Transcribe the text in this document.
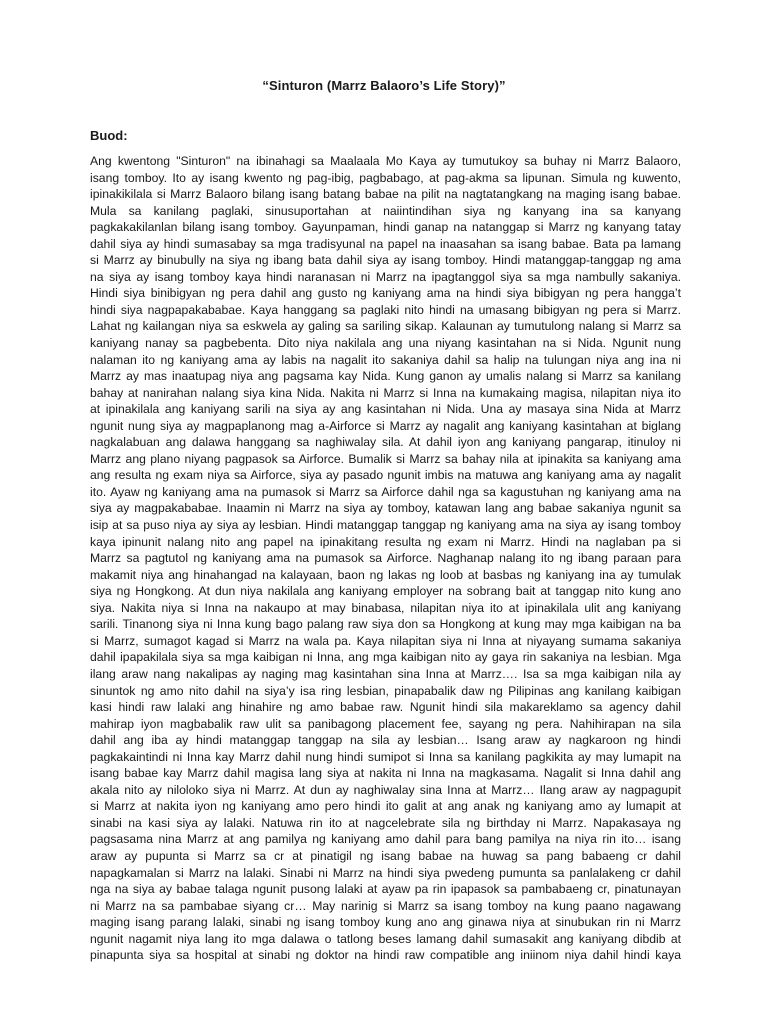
“Sinturon (Marrz Balaoro’s Life Story)”
Buod:
Ang kwentong "Sinturon" na ibinahagi sa Maalaala Mo Kaya ay tumutukoy sa buhay ni Marrz Balaoro,
isang tomboy. Ito ay isang kwento ng pag-ibig, pagbabago, at pag-akma sa lipunan. Simula ng kuwento,
ipinakikilala si Marrz Balaoro bilang isang batang babae na pilit na nagtatangkang na maging isang babae.
Mula sa kanilang paglaki, sinusuportahan at naiintindihan siya ng kanyang ina sa kanyang
pagkakakilanlan bilang isang tomboy. Gayunpaman, hindi ganap na natanggap si Marrz ng kanyang tatay
dahil siya ay hindi sumasabay sa mga tradisyunal na papel na inaasahan sa isang babae. Bata pa lamang
si Marrz ay binubully na siya ng ibang bata dahil siya ay isang tomboy. Hindi matanggap-tanggap ng ama
na siya ay isang tomboy kaya hindi naranasan ni Marrz na ipagtanggol siya sa mga nambully sakaniya.
Hindi siya binibigyan ng pera dahil ang gusto ng kaniyang ama na hindi siya bibigyan ng pera hangga’t
hindi siya nagpapakababae. Kaya hanggang sa paglaki nito hindi na umasang bibigyan ng pera si Marrz.
Lahat ng kailangan niya sa eskwela ay galing sa sariling sikap. Kalaunan ay tumutulong nalang si Marrz sa
kaniyang nanay sa pagbebenta. Dito niya nakilala ang una niyang kasintahan na si Nida. Ngunit nung
nalaman ito ng kaniyang ama ay labis na nagalit ito sakaniya dahil sa halip na tulungan niya ang ina ni
Marrz ay mas inaatupag niya ang pagsama kay Nida. Kung ganon ay umalis nalang si Marrz sa kanilang
bahay at nanirahan nalang siya kina Nida. Nakita ni Marrz si Inna na kumakaing magisa, nilapitan niya ito
at ipinakilala ang kaniyang sarili na siya ay ang kasintahan ni Nida. Una ay masaya sina Nida at Marrz
ngunit nung siya ay magpaplanong mag a-Airforce si Marrz ay nagalit ang kaniyang kasintahan at biglang
nagkalabuan ang dalawa hanggang sa naghiwalay sila. At dahil iyon ang kaniyang pangarap, itinuloy ni
Marrz ang plano niyang pagpasok sa Airforce. Bumalik si Marrz sa bahay nila at ipinakita sa kaniyang ama
ang resulta ng exam niya sa Airforce, siya ay pasado ngunit imbis na matuwa ang kaniyang ama ay nagalit
ito. Ayaw ng kaniyang ama na pumasok si Marrz sa Airforce dahil nga sa kagustuhan ng kaniyang ama na
siya ay magpakababae. Inaamin ni Marrz na siya ay tomboy, katawan lang ang babae sakaniya ngunit sa
isip at sa puso niya ay siya ay lesbian. Hindi matanggap tanggap ng kaniyang ama na siya ay isang tomboy
kaya ipinunit nalang nito ang papel na ipinakitang resulta ng exam ni Marrz. Hindi na naglaban pa si
Marrz sa pagtutol ng kaniyang ama na pumasok sa Airforce. Naghanap nalang ito ng ibang paraan para
makamit niya ang hinahangad na kalayaan, baon ng lakas ng loob at basbas ng kaniyang ina ay tumulak
siya ng Hongkong. At dun niya nakilala ang kaniyang employer na sobrang bait at tanggap nito kung ano
siya. Nakita niya si Inna na nakaupo at may binabasa, nilapitan niya ito at ipinakilala ulit ang kaniyang
sarili. Tinanong siya ni Inna kung bago palang raw siya don sa Hongkong at kung may mga kaibigan na ba
si Marrz, sumagot kagad si Marrz na wala pa. Kaya nilapitan siya ni Inna at niyayang sumama sakaniya
dahil ipapakilala siya sa mga kaibigan ni Inna, ang mga kaibigan nito ay gaya rin sakaniya na lesbian. Mga
ilang araw nang nakalipas ay naging mag kasintahan sina Inna at Marrz…. Isa sa mga kaibigan nila ay
sinuntok ng amo nito dahil na siya’y isa ring lesbian, pinapabalik daw ng Pilipinas ang kanilang kaibigan
kasi hindi raw lalaki ang hinahire ng amo babae raw. Ngunit hindi sila makareklamo sa agency dahil
mahirap iyon magbabalik raw ulit sa panibagong placement fee, sayang ng pera. Nahihirapan na sila
dahil ang iba ay hindi matanggap tanggap na sila ay lesbian… Isang araw ay nagkaroon ng hindi
pagkakaintindi ni Inna kay Marrz dahil nung hindi sumipot si Inna sa kanilang pagkikita ay may lumapit na
isang babae kay Marrz dahil magisa lang siya at nakita ni Inna na magkasama. Nagalit si Inna dahil ang
akala nito ay niloloko siya ni Marrz. At dun ay naghiwalay sina Inna at Marrz… Ilang araw ay nagpagupit
si Marrz at nakita iyon ng kaniyang amo pero hindi ito galit at ang anak ng kaniyang amo ay lumapit at
sinabi na kasi siya ay lalaki. Natuwa rin ito at nagcelebrate sila ng birthday ni Marrz. Napakasaya ng
pagsasama nina Marrz at ang pamilya ng kaniyang amo dahil para bang pamilya na niya rin ito… isang
araw ay pupunta si Marrz sa cr at pinatigil ng isang babae na huwag sa pang babaeng cr dahil
napagkamalan si Marrz na lalaki. Sinabi ni Marrz na hindi siya pwedeng pumunta sa panlalakeng cr dahil
nga na siya ay babae talaga ngunit pusong lalaki at ayaw pa rin ipapasok sa pambabaeng cr, pinatunayan
ni Marrz na sa pambabae siyang cr… May narinig si Marrz sa isang tomboy na kung paano nagawang
maging isang parang lalaki, sinabi ng isang tomboy kung ano ang ginawa niya at sinubukan rin ni Marrz
ngunit nagamit niya lang ito mga dalawa o tatlong beses lamang dahil sumasakit ang kaniyang dibdib at
pinapunta siya sa hospital at sinabi ng doktor na hindi raw compatible ang iniinom niya dahil hindi kaya
